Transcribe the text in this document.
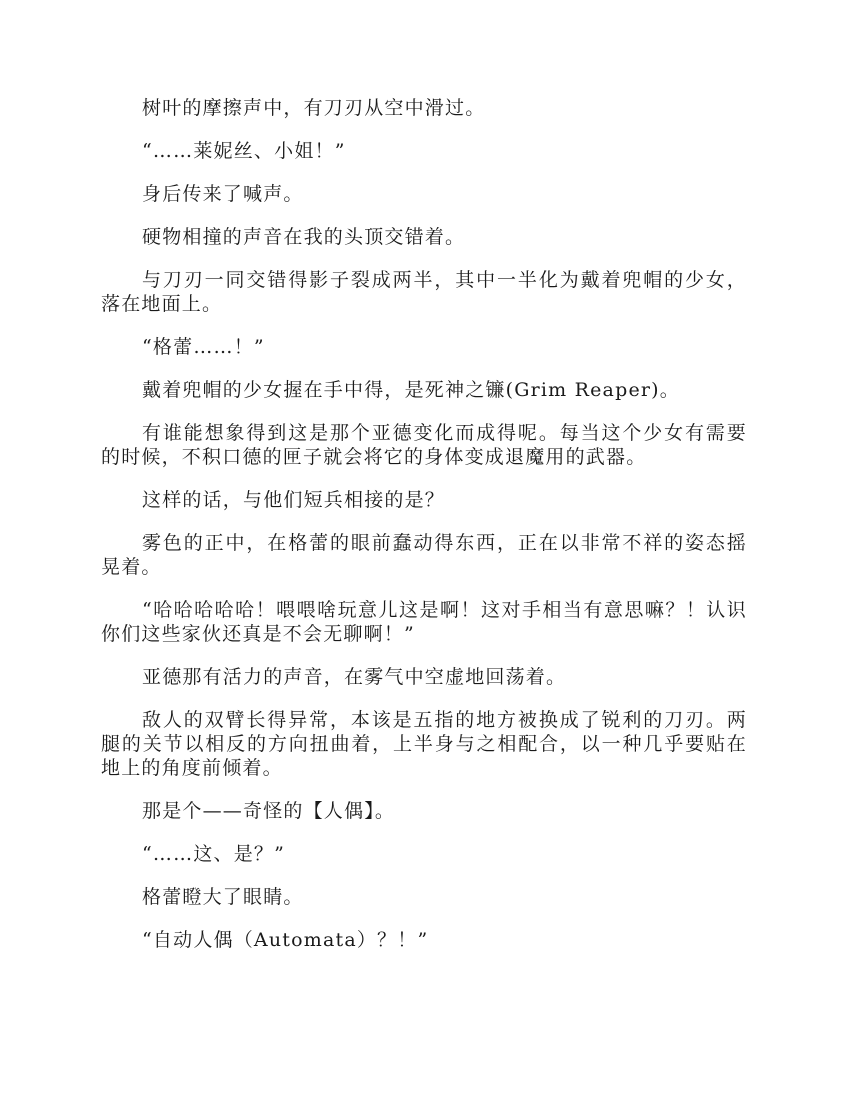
树叶的摩擦声中，有刀刃从空中滑过。

“……莱妮丝、小姐！”

身后传来了喊声。

硬物相撞的声音在我的头顶交错着。

与刀刃一同交错得影子裂成两半，其中一半化为戴着兜帽的少女，落在地面上。

“格蕾……！”

戴着兜帽的少女握在手中得，是死神之镰(Grim Reaper)。

有谁能想象得到这是那个亚德变化而成得呢。每当这个少女有需要的时候，不积口德的匣子就会将它的身体变成退魔用的武器。

这样的话，与他们短兵相接的是？

雾色的正中，在格蕾的眼前蠢动得东西，正在以非常不祥的姿态摇晃着。

“哈哈哈哈哈！喂喂啥玩意儿这是啊！这对手相当有意思嘛？！认识你们这些家伙还真是不会无聊啊！”

亚德那有活力的声音，在雾气中空虚地回荡着。

敌人的双臂长得异常，本该是五指的地方被换成了锐利的刀刃。两腿的关节以相反的方向扭曲着，上半身与之相配合，以一种几乎要贴在地上的角度前倾着。

那是个——奇怪的【人偶】。

“……这、是？”

格蕾瞪大了眼睛。

“自动人偶（Automata）？！”
